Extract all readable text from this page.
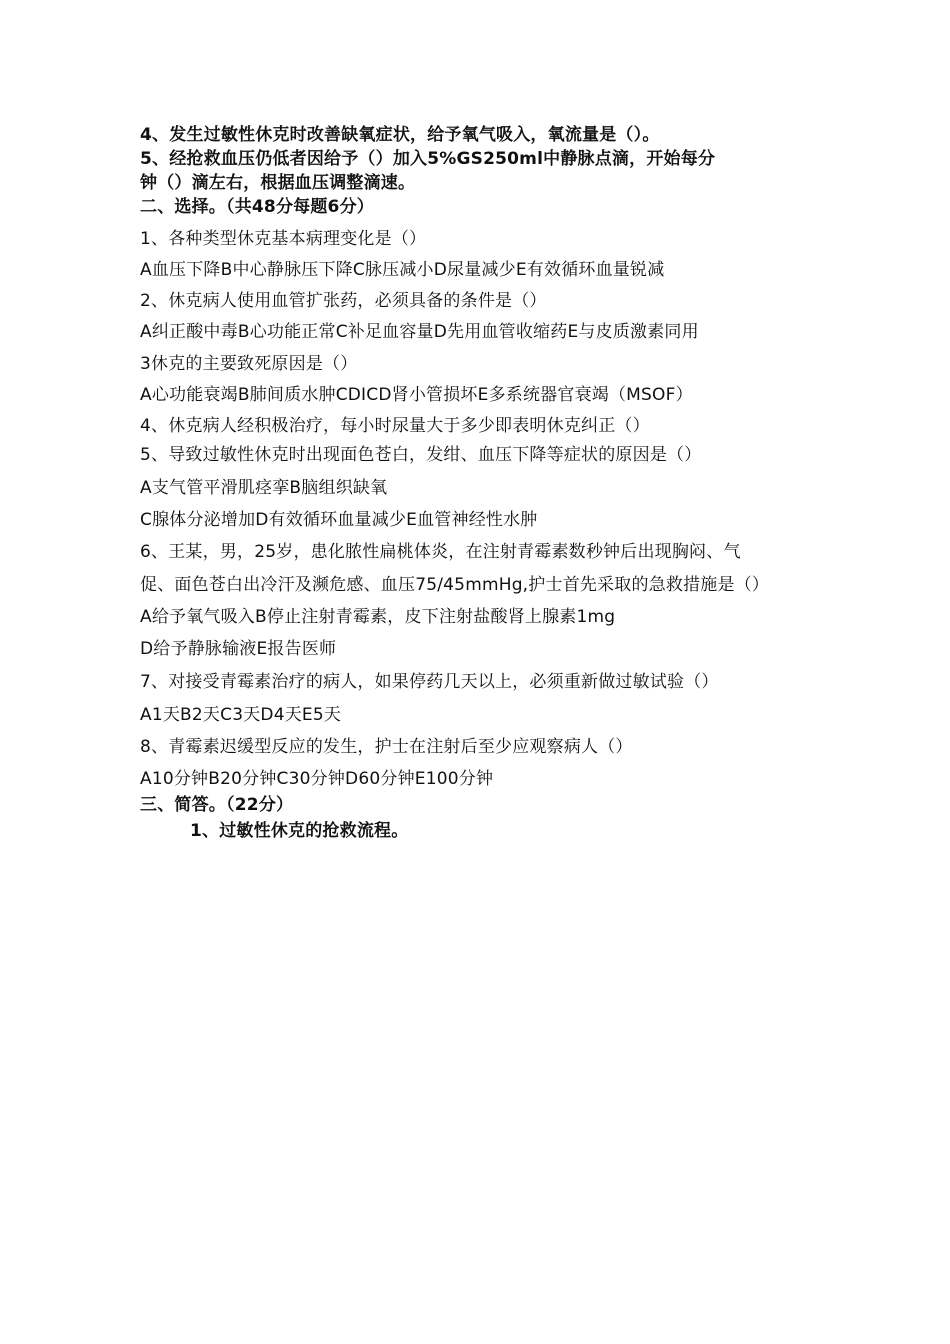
4、发生过敏性休克时改善缺氧症状，给予氧气吸入，氧流量是（）。
5、经抢救血压仍低者因给予（）加入5%GS250ml中静脉点滴，开始每分
钟（）滴左右，根据血压调整滴速。
二、选择。（共48分每题6分）
1、各种类型休克基本病理变化是（）
A血压下降B中心静脉压下降C脉压减小D尿量减少E有效循环血量锐减
2、休克病人使用血管扩张药，必须具备的条件是（）
A纠正酸中毒B心功能正常C补足血容量D先用血管收缩药E与皮质激素同用
3休克的主要致死原因是（）
A心功能衰竭B肺间质水肿CDICD肾小管损坏E多系统器官衰竭（MSOF）
4、休克病人经积极治疗，每小时尿量大于多少即表明休克纠正（）
5、导致过敏性休克时出现面色苍白，发绀、血压下降等症状的原因是（）
A支气管平滑肌痉挛B脑组织缺氧
C腺体分泌增加D有效循环血量减少E血管神经性水肿
6、王某，男，25岁，患化脓性扁桃体炎，在注射青霉素数秒钟后出现胸闷、气
促、面色苍白出冷汗及濒危感、血压75/45mmHg,护士首先采取的急救措施是（）
A给予氧气吸入B停止注射青霉素，皮下注射盐酸肾上腺素1mg
D给予静脉输液E报告医师
7、对接受青霉素治疗的病人，如果停药几天以上，必须重新做过敏试验（）
A1天B2天C3天D4天E5天
8、青霉素迟缓型反应的发生，护士在注射后至少应观察病人（）
A10分钟B20分钟C30分钟D60分钟E100分钟
三、简答。（22分）
1、过敏性休克的抢救流程。
